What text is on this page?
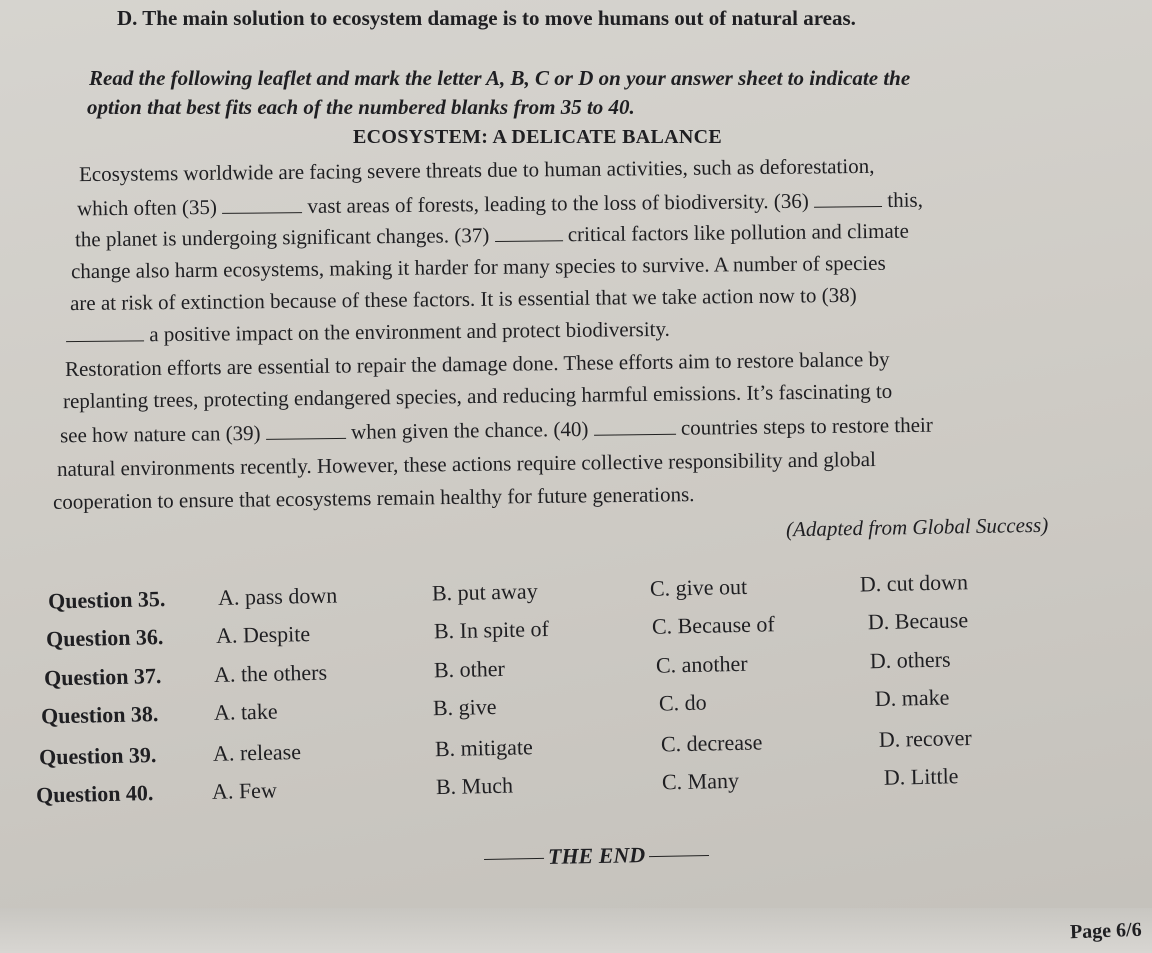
D. The main solution to ecosystem damage is to move humans out of natural areas.
Read the following leaflet and mark the letter A, B, C or D on your answer sheet to indicate the
option that best fits each of the numbered blanks from 35 to 40.
ECOSYSTEM: A DELICATE BALANCE
Ecosystems worldwide are facing severe threats due to human activities, such as deforestation,
which often (35)	vast areas of forests, leading to the loss of biodiversity. (36)	this,
the planet is undergoing significant changes. (37)	critical factors like pollution and climate
change also harm ecosystems, making it harder for many species to survive. A number of species
are at risk of extinction because of these factors. It is essential that we take action now to (38)
a positive impact on the environment and protect biodiversity.
Restoration efforts are essential to repair the damage done. These efforts aim to restore balance by
replanting trees, protecting endangered species, and reducing harmful emissions. It’s fascinating to
see how nature can (39)	when given the chance. (40)	countries steps to restore their
natural environments recently. However, these actions require collective responsibility and global
cooperation to ensure that ecosystems remain healthy for future generations.
(Adapted from Global Success)
Question 35. A. pass down	B. put away	C. give out	D. cut down
Question 36. A. Despite	B. In spite of	C. Because of	D. Because
Question 37. A. the others	B. other	C. another	D. others
Question 38.	A. take	B. give	C. do	D. make
Question 39.	A. release	B. mitigate	C. decrease	D. recover
Question 40.	A. Few	B. Much	C. Many	D. Little
THE END
Page 6/6
